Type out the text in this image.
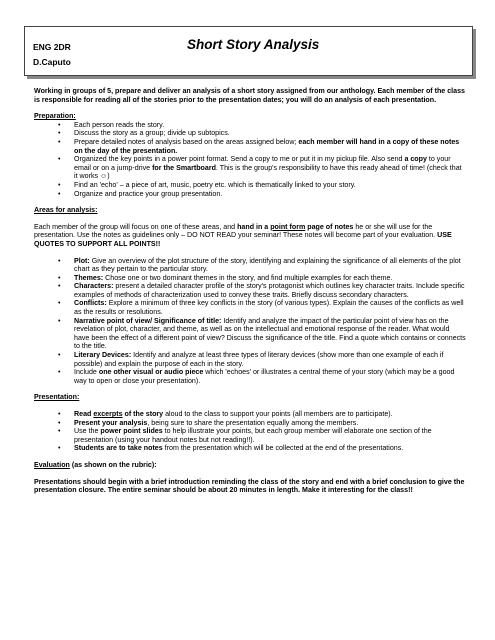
ENG 2DR
D.Caputo
Short Story Analysis

Working in groups of 5, prepare and deliver an analysis of a short story assigned from our anthology. Each member of the class is responsible for reading all of the stories prior to the presentation dates; you will do an analysis of each presentation.

Preparation:

• Each person reads the story.
• Discuss the story as a group; divide up subtopics.
• Prepare detailed notes of analysis based on the areas assigned below; each member will hand in a copy of these notes on the day of the presentation.
• Organized the key points in a power point format. Send a copy to me or put it in my pickup file. Also send a copy to your email or on a jump-drive for the Smartboard. This is the group's responsibility to have this ready ahead of time! (check that it works ☺)
• Find an 'echo' – a piece of art, music, poetry etc. which is thematically linked to your story.
• Organize and practice your group presentation.

Areas for analysis:

Each member of the group will focus on one of these areas, and hand in a point form page of notes he or she will use for the presentation. Use the notes as guidelines only – DO NOT READ your seminar! These notes will become part of your evaluation. USE QUOTES TO SUPPORT ALL POINTS!!

• Plot: Give an overview of the plot structure of the story, identifying and explaining the significance of all elements of the plot chart as they pertain to the particular story.
• Themes: Chose one or two dominant themes in the story, and find multiple examples for each theme.
• Characters: present a detailed character profile of the story's protagonist which outlines key character traits. Include specific examples of methods of characterization used to convey these traits. Briefly discuss secondary characters.
• Conflicts: Explore a minimum of three key conflicts in the story (of various types). Explain the causes of the conflicts as well as the results or resolutions.
• Narrative point of view/ Significance of title: Identify and analyze the impact of the particular point of view has on the revelation of plot, character, and theme, as well as on the intellectual and emotional response of the reader. What would have been the effect of a different point of view? Discuss the significance of the title. Find a quote which contains or connects to the title.
• Literary Devices: Identify and analyze at least three types of literary devices (show more than one example of each if possible) and explain the purpose of each in the story.
• Include one other visual or audio piece which 'echoes' or illustrates a central theme of your story (which may be a good way to open or close your presentation).

Presentation:

• Read excerpts of the story aloud to the class to support your points (all members are to participate).
• Present your analysis, being sure to share the presentation equally among the members.
• Use the power point slides to help illustrate your points, but each group member will elaborate one section of the presentation (using your handout notes but not reading!!).
• Students are to take notes from the presentation which will be collected at the end of the presentations.

Evaluation (as shown on the rubric):

Presentations should begin with a brief introduction reminding the class of the story and end with a brief conclusion to give the presentation closure. The entire seminar should be about 20 minutes in length. Make it interesting for the class!!
